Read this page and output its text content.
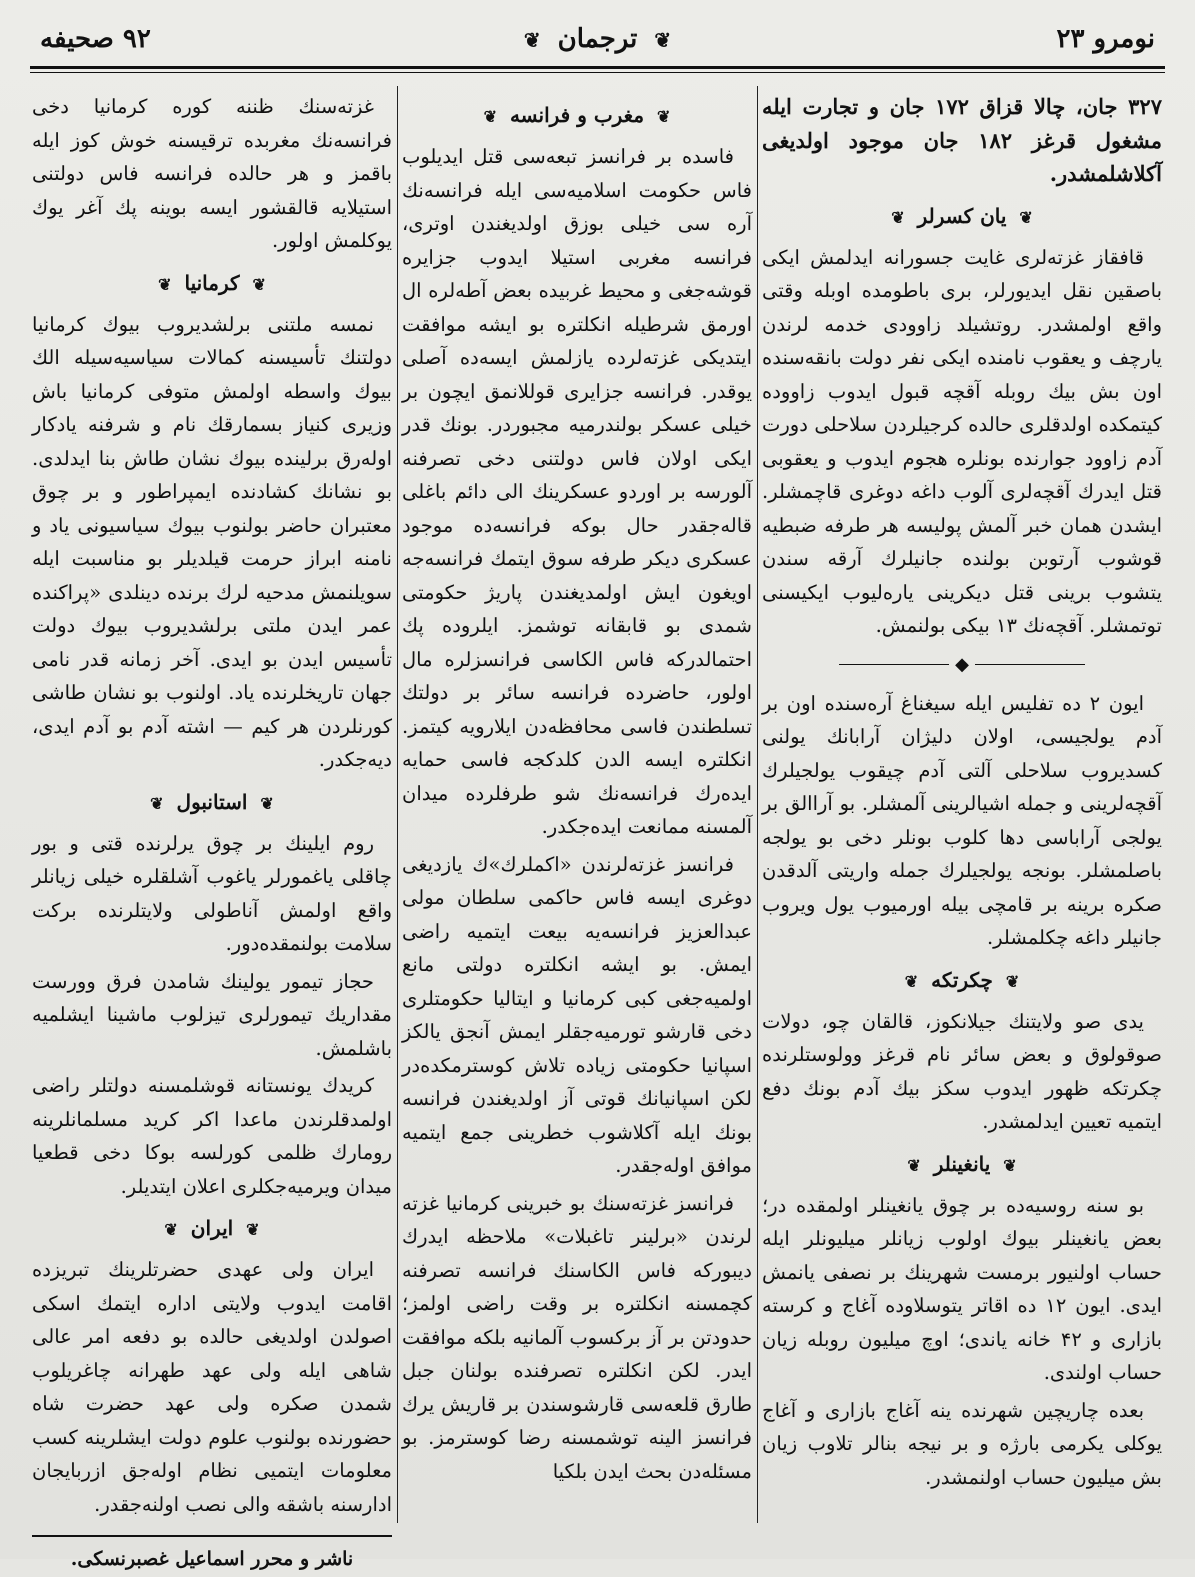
نومرو ۲۳
❦ ترجمان ❦
۹۲ صحیفه

۳۲۷ جان، چالا قزاق ۱۷۲ جان و تجارت ایله مشغول قرغز ۱۸۲ جان موجود اولدیغی آکلاشلمشدر.

❦ یان کسرلر ❦

قافقاز غزته‌لری غایت جسورانه ایدلمش ایکی باصقین نقل ایدیورلر، بری باطومده اوبله وقتی واقع اولمشدر. روتشیلد زاوودی خدمه لرندن یارچف و یعقوب نامنده ایکی نفر دولت بانقه‌سنده اون بش بیك روبله آقچه قبول ایدوب زاووده کیتمکده اولدقلری حالده کرجیلردن سلاحلی دورت آدم زاوود جوارنده بونلره هجوم ایدوب و یعقوبی قتل ایدرك آقچه‌لری آلوب داغه دوغری قاچمشلر. ایشدن همان خبر آلمش پولیسه هر طرفه ضبطیه قوشوب آرتوبن بولنده جانیلرك آرقه سندن یتشوب برینی قتل دیکرینی یاره‌لیوب ایکیسنی توتمشلر. آقچه‌نك ۱۳ بیکی بولنمش.

◆

ایون ۲ ده تفلیس ایله سیغناغ آرەسنده اون بر آدم یولجیسی، اولان دلیژان آرابانك یولنی کسدیروب سلاحلی آلتی آدم چیقوب یولجیلرك آقچه‌لرینی و جمله اشیالرینی آلمشلر. بو آراالق بر یولجی آراباسی دها کلوب بونلر دخی بو یولجه باصلمشلر. بونجه یولجیلرك جمله واریتی آلدقدن صکره برینه بر قامچی بیله اورمیوب یول ویروب جانیلر داغه چکلمشلر.

❦ چکرتکه ❦

یدی صو ولایتنك جیلانکوز، قالقان چو، دولات صوقولوق و بعض سائر نام قرغز وولوستلرنده چکرتکه ظهور ایدوب سکز بیك آدم بونك دفع ایتمیه تعیین ایدلمشدر.

❦ یانغینلر ❦

بو سنه روسیه‌ده بر چوق یانغینلر اولمقده در؛ بعض یانغینلر بیوك اولوب زیانلر میلیونلر ایله حساب اولنیور برمست شهرینك بر نصفی یانمش ایدی. ایون ۱۲ ده اقاتر یتوسلاوده آغاج و کرسته بازاری و ۴۲ خانه یاندی؛ اوچ میلیون روبله زیان حساب اولندی.

بعده چاریچین شهرنده ینه آغاج بازاری و آغاج یوکلی یکرمی بارژه و بر نیجه بنالر تلاوب زیان بش میلیون حساب اولنمشدر.

❦ مغرب و فرانسه ❦

فاسده بر فرانسز تبعه‌سی قتل ایدیلوب فاس حکومت اسلامیه‌سی ایله فرانسه‌نك آره سی خیلی بوزق اولدیغندن اوتری، فرانسه مغربی استیلا ایدوب جزایره قوشه‌جغی و محیط غربیده بعض آطه‌لره ال اورمق شرطیله انکلتره بو ایشه موافقت ایتدیکی غزته‌لرده یازلمش ایسه‌ده آصلی یوقدر. فرانسه جزایری قوللانمق ایچون بر خیلی عسکر بولندرمیه مجبوردر. بونك قدر ایکی اولان فاس دولتنی دخی تصرفنه آلورسه بر اوردو عسکرینك الی دائم باغلی قاله‌جقدر حال بوکه فرانسه‌ده موجود عسکری دیکر طرفه سوق ایتمك فرانسه‌جه اویغون ایش اولمدیغندن پاریژ حکومتی شمدی بو قابقانه توشمز. ایلروده پك احتمالدرکه فاس الکاسی فرانسزلره مال اولور، حاضرده فرانسه سائر بر دولتك تسلطندن فاسی محافظه‌دن ایلارویه کیتمز. انکلتره ایسه الدن کلدکجه فاسی حمایه ایده‌رك فرانسه‌نك شو طرفلرده میدان آلمسنه ممانعت ایده‌جکدر.

فرانسز غزته‌لرندن «اکملرك»ك یازدیغی دوغری ایسه فاس حاکمی سلطان مولی عبدالعزیز فرانسه‌یه بیعت ایتمیه راضی ایمش. بو ایشه انکلتره دولتی مانع اولمیه‌جغی کبی کرمانیا و ایتالیا حکومتلری دخی قارشو تورمیه‌جقلر ایمش آنجق یالکز اسپانیا حکومتی زیاده تلاش کوسترمکده‌در لکن اسپانیانك قوتی آز اولدیغندن فرانسه بونك ایله آکلاشوب خطرینی جمع ایتمیه موافق اوله‌جقدر.

فرانسز غزته‌سنك بو خبرینی کرمانیا غزته لرندن «برلینر تاغبلات» ملاحظه ایدرك دیبورکه فاس الکاسنك فرانسه تصرفنه کچمسنه انکلتره بر وقت راضی اولمز؛ حدودتن بر آز برکسوب آلمانیه بلکه موافقت ایدر. لکن انکلتره تصرفنده بولنان جبل طارق قلعه‌سی قارشوسندن بر قاریش یرك فرانسز الینه توشمسنه رضا کوسترمز. بو مسئله‌دن بحث ایدن بلکیا

غزته‌سنك ظننه کوره کرمانیا دخی فرانسه‌نك مغربده ترقیسنه خوش کوز ایله باقمز و هر حالده فرانسه فاس دولتنی استیلایه قالقشور ایسه بوینه پك آغر یوك یوکلمش اولور.

❦ کرمانیا ❦

نمسه ملتنی برلشدیروب بیوك کرمانیا دولتنك تأسیسنه کمالات سیاسیه‌سیله الك بیوك واسطه اولمش متوفی کرمانیا باش وزیری کنیاز بسمارقك نام و شرفنه یادکار اوله‌رق برلینده بیوك نشان طاش بنا ایدلدی. بو نشانك کشادنده ایمپراطور و بر چوق معتبران حاضر بولنوب بیوك سیاسیونی یاد و نامنه ابراز حرمت قیلدیلر بو مناسبت ایله سویلنمش مدحیه لرك برنده دینلدی «پراکنده عمر ایدن ملتی برلشدیروب بیوك دولت تأسیس ایدن بو ایدی. آخر زمانه قدر نامی جهان تاریخلرنده یاد. اولنوب بو نشان طاشی کورنلردن هر کیم — اشته آدم بو آدم ایدی، دیه‌جکدر.

❦ استانبول ❦

روم ایلینك بر چوق یرلرنده قتی و بور چاقلی یاغمورلر یاغوب آشلقلره خیلی زیانلر واقع اولمش آناطولی ولایتلرنده برکت سلامت بولنمقده‌دور.

حجاز تیمور یولینك شامدن فرق وورست مقداریك تیمورلری تیزلوب ماشینا ایشلمیه باشلمش.

کریدك یونستانه قوشلمسنه دولتلر راضی اولمدقلرندن ماعدا اکر کرید مسلمانلرینه رومارك ظلمی کورلسه بوکا دخی قطعیا میدان ویرمیه‌جکلری اعلان ایتدیلر.

❦ ایران ❦

ایران ولی عهدی حضرتلرینك تبریزده اقامت ایدوب ولایتی اداره ایتمك اسکی اصولدن اولدیغی حالده بو دفعه امر عالی شاهی ایله ولی عهد طهرانه چاغریلوب شمدن صکره ولی عهد حضرت شاه حضورنده بولنوب علوم دولت ایشلرینه کسب معلومات ایتمیی نظام اوله‌جق ازربایجان ادارسنه باشقه والی نصب اولنه‌جقدر.

ناشر و محرر اسماعیل غصبرنسکی.
